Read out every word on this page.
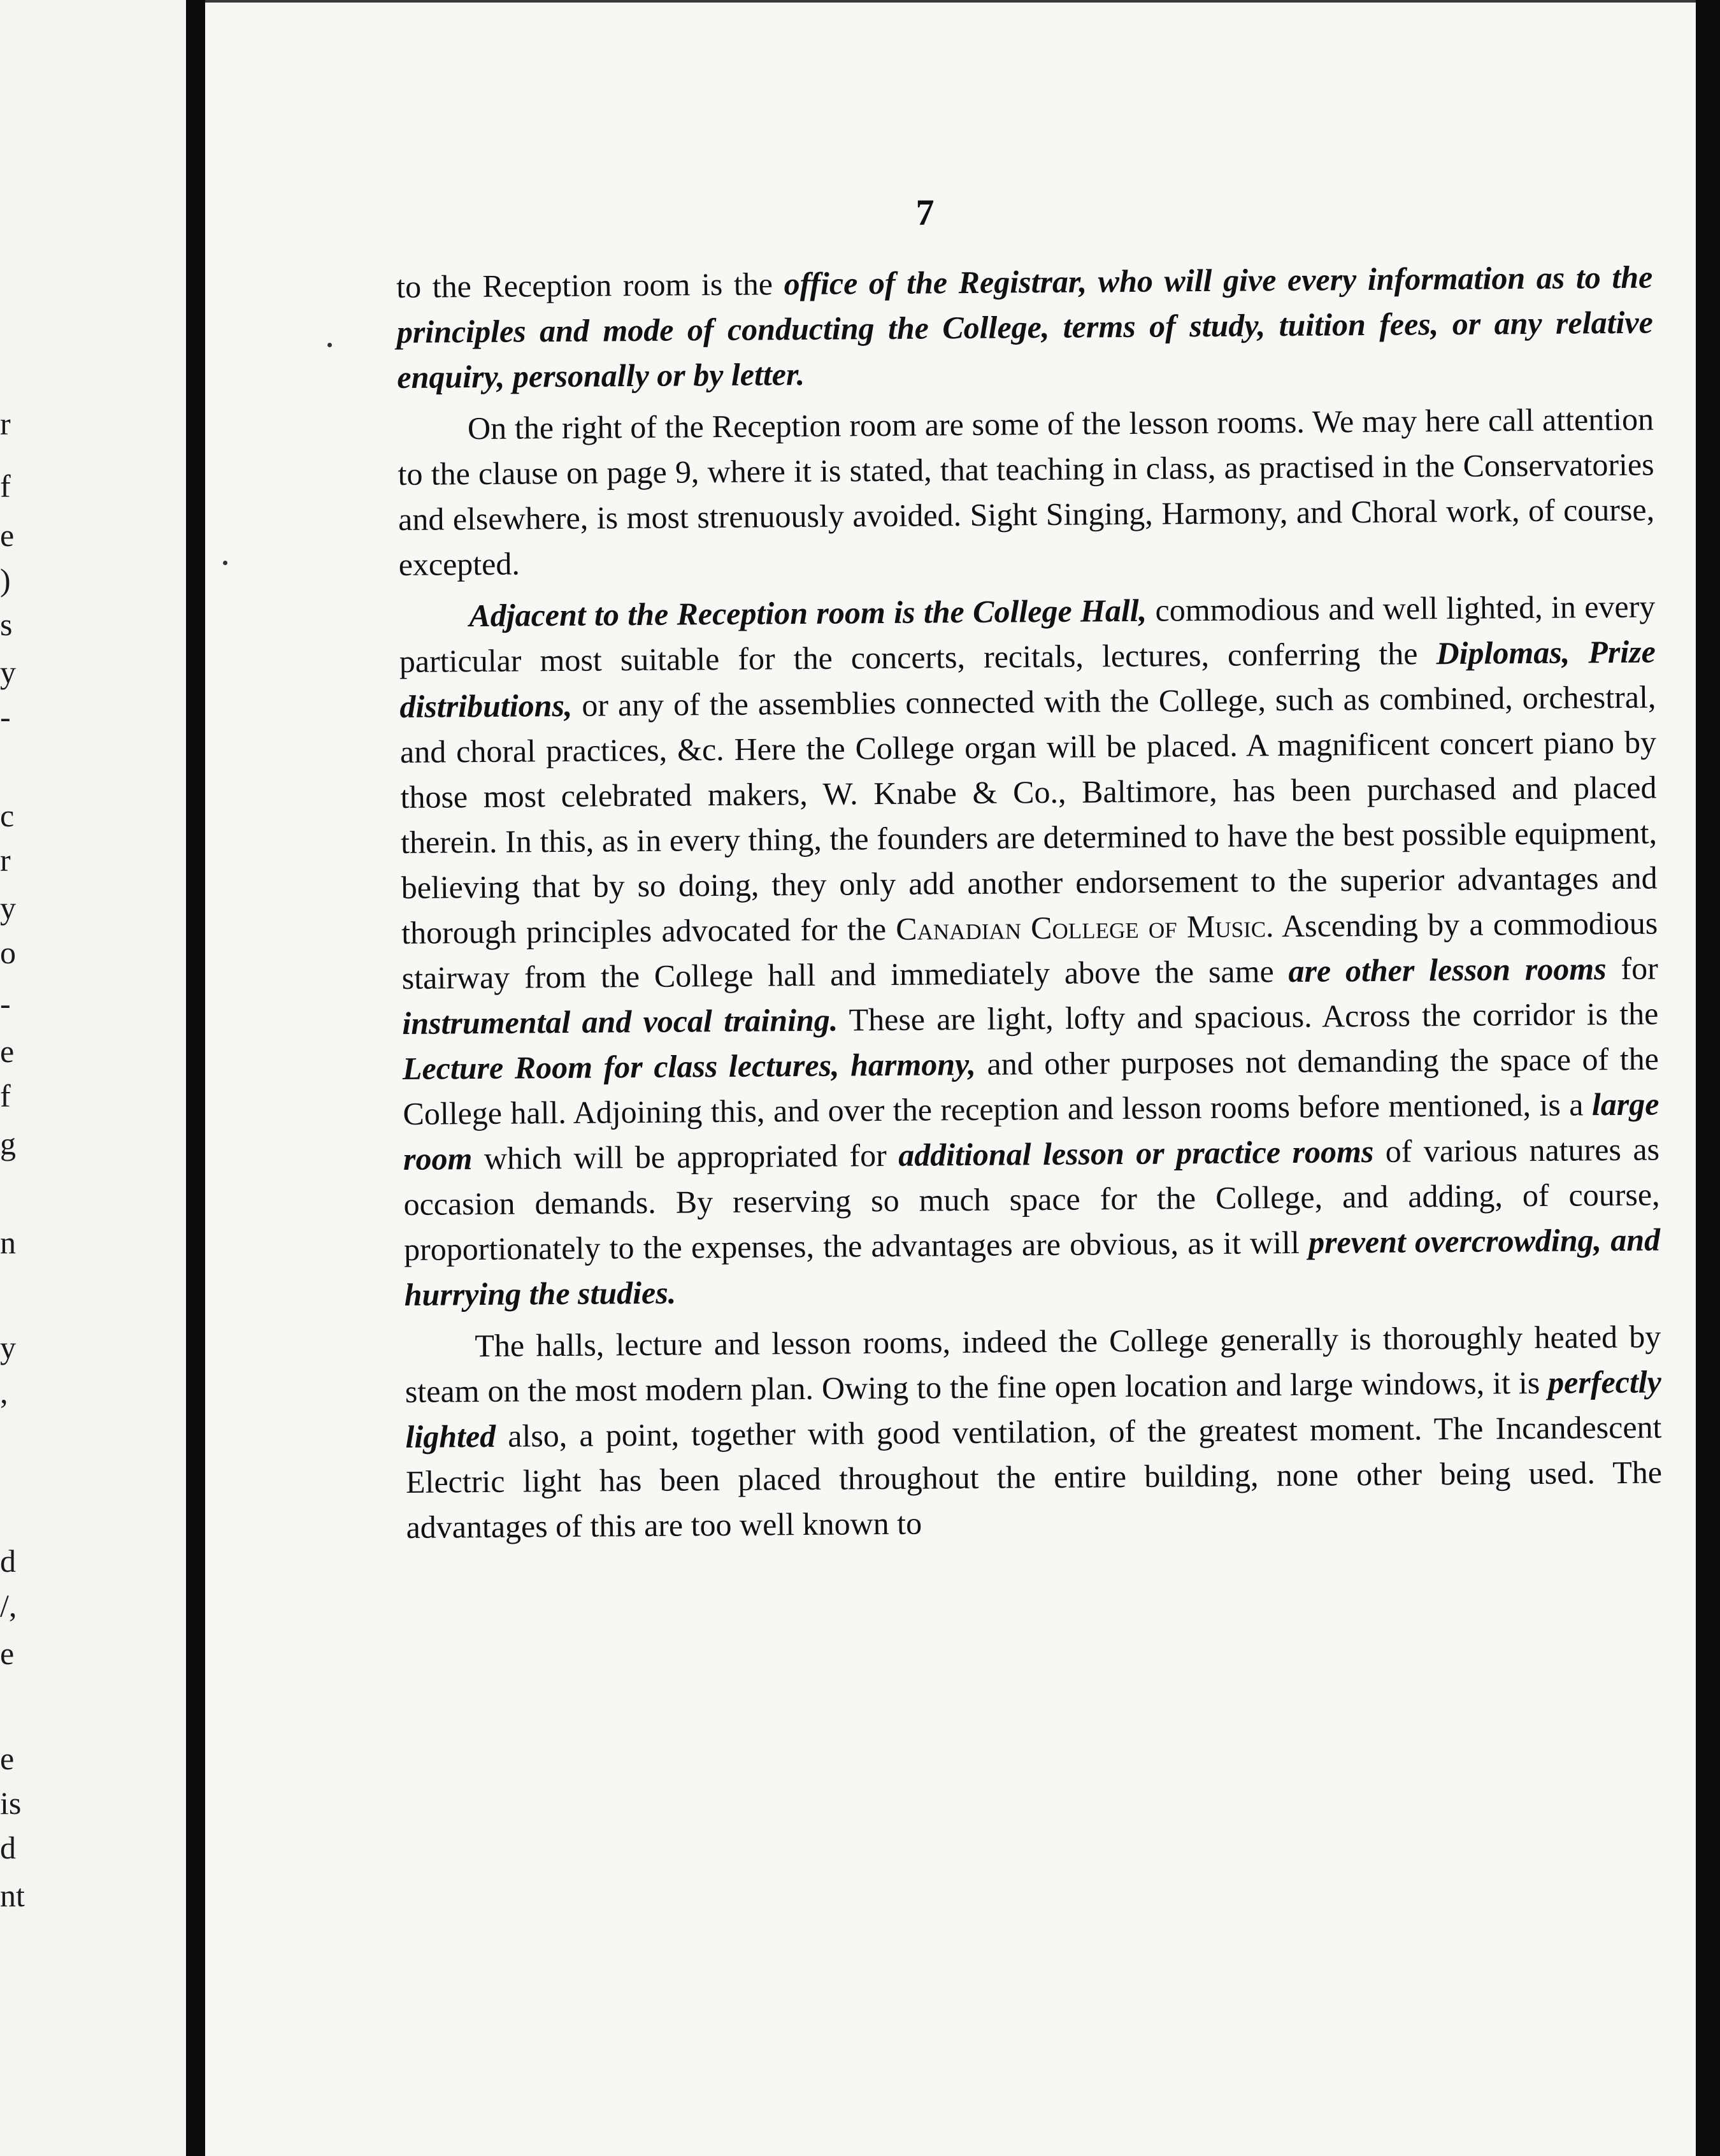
r
f
e
)
s
y
-
c
r
y
o
-
e
f
g
n
y
,
d
/,
e
e
is
d
nt
7

to the Reception room is the office of the Registrar, who will give every information as to the principles and mode of conducting the College, terms of study, tuition fees, or any relative enquiry, personally or by letter.

On the right of the Reception room are some of the lesson rooms. We may here call attention to the clause on page 9, where it is stated, that teaching in class, as practised in the Conservatories and elsewhere, is most strenuously avoided. Sight Singing, Harmony, and Choral work, of course, excepted.

Adjacent to the Reception room is the College Hall, commodious and well lighted, in every particular most suitable for the concerts, recitals, lectures, conferring the Diplomas, Prize distributions, or any of the assemblies connected with the College, such as combined, orchestral, and choral practices, &c. Here the College organ will be placed. A magnificent concert piano by those most celebrated makers, W. Knabe & Co., Baltimore, has been purchased and placed therein. In this, as in every thing, the founders are determined to have the best possible equipment, believing that by so doing, they only add another endorsement to the superior advantages and thorough principles advocated for the Canadian College of Music. Ascending by a commodious stairway from the College hall and immediately above the same are other lesson rooms for instrumental and vocal training. These are light, lofty and spacious. Across the corridor is the Lecture Room for class lectures, harmony, and other purposes not demanding the space of the College hall. Adjoining this, and over the reception and lesson rooms before mentioned, is a large room which will be appropriated for additional lesson or practice rooms of various natures as occasion demands. By reserving so much space for the College, and adding, of course, proportionately to the expenses, the advantages are obvious, as it will prevent overcrowding, and hurrying the studies.

The halls, lecture and lesson rooms, indeed the College generally is thoroughly heated by steam on the most modern plan. Owing to the fine open location and large windows, it is perfectly lighted also, a point, together with good ventilation, of the greatest moment. The Incandescent Electric light has been placed throughout the entire building, none other being used. The advantages of this are too well known to
